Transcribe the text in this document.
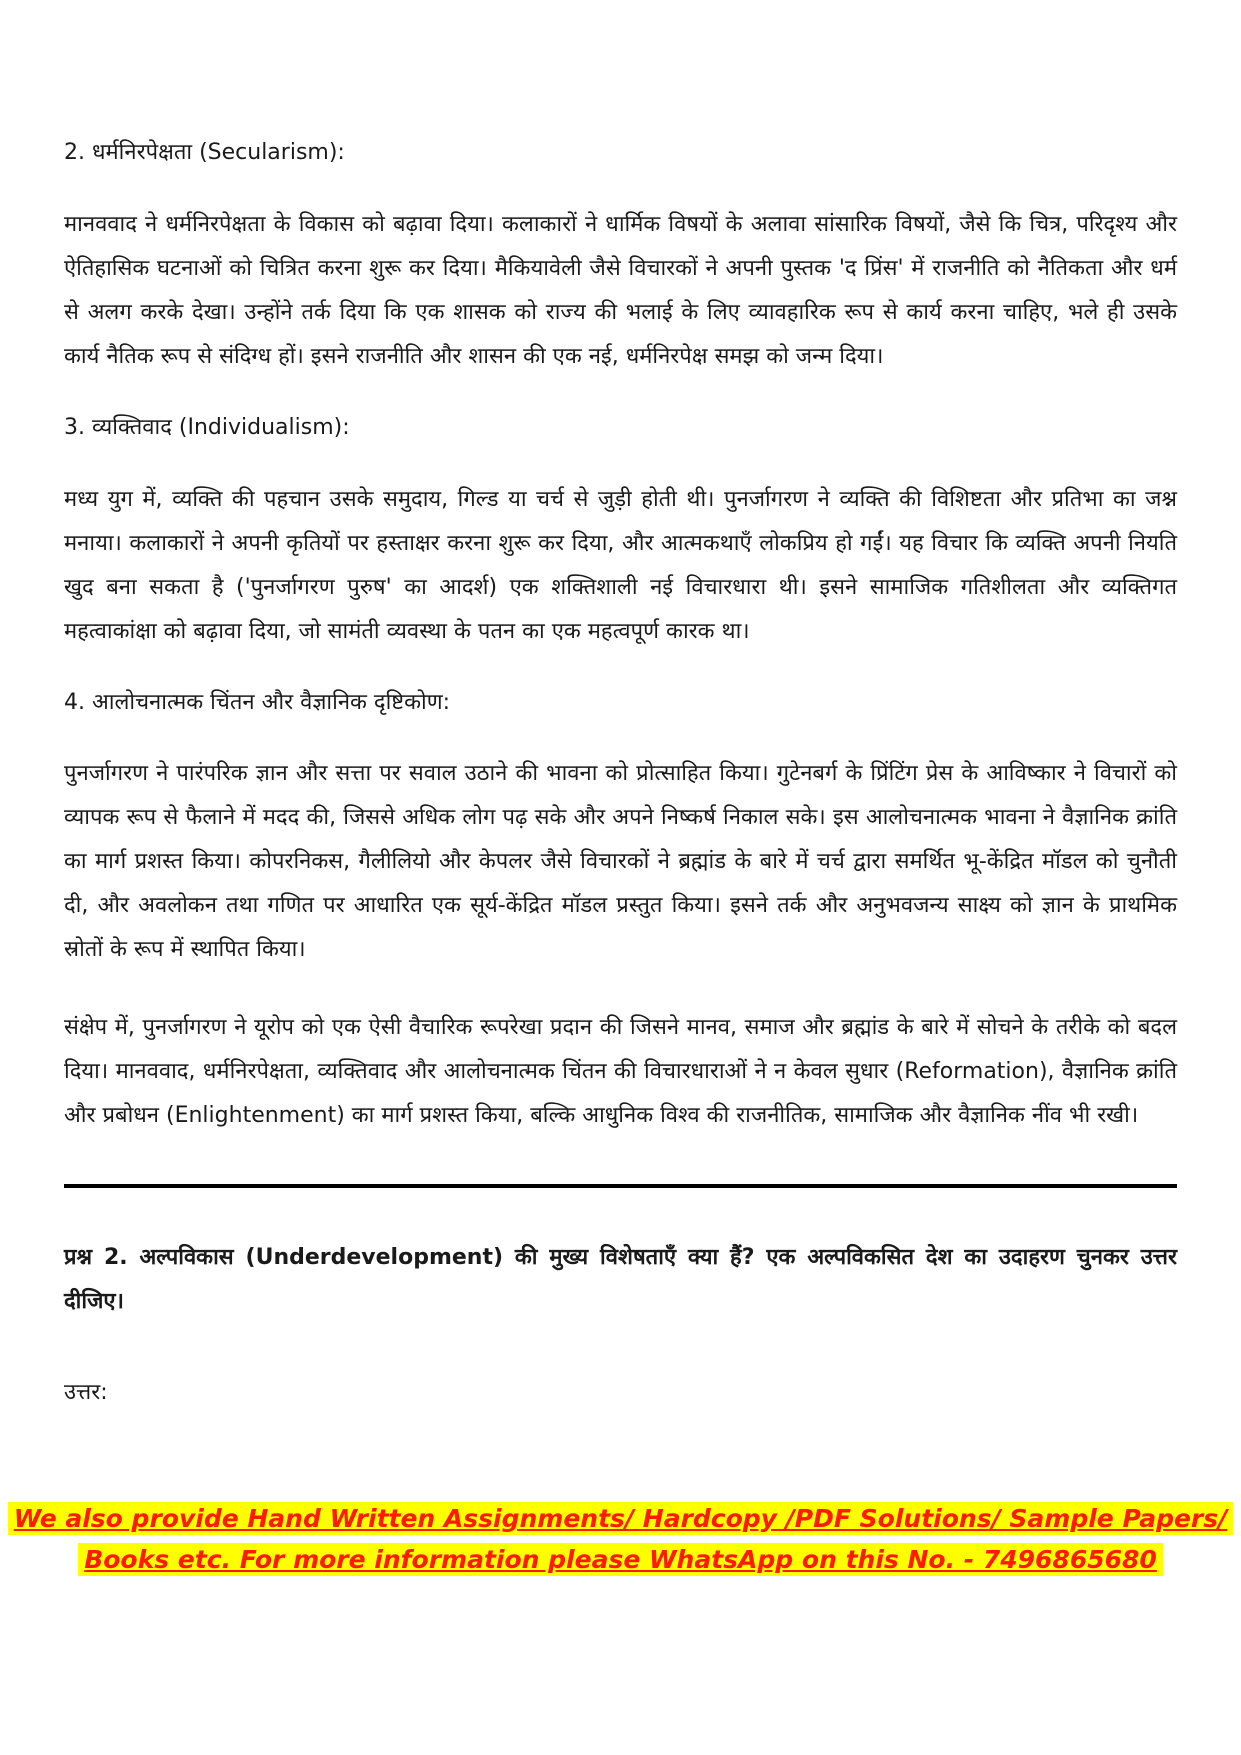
2. धर्मनिरपेक्षता (Secularism):
मानववाद ने धर्मनिरपेक्षता के विकास को बढ़ावा दिया। कलाकारों ने धार्मिक विषयों के अलावा सांसारिक विषयों, जैसे कि चित्र, परिदृश्य और ऐतिहासिक घटनाओं को चित्रित करना शुरू कर दिया। मैकियावेली जैसे विचारकों ने अपनी पुस्तक 'द प्रिंस' में राजनीति को नैतिकता और धर्म से अलग करके देखा। उन्होंने तर्क दिया कि एक शासक को राज्य की भलाई के लिए व्यावहारिक रूप से कार्य करना चाहिए, भले ही उसके कार्य नैतिक रूप से संदिग्ध हों। इसने राजनीति और शासन की एक नई, धर्मनिरपेक्ष समझ को जन्म दिया।
3. व्यक्तिवाद (Individualism):
मध्य युग में, व्यक्ति की पहचान उसके समुदाय, गिल्ड या चर्च से जुड़ी होती थी। पुनर्जागरण ने व्यक्ति की विशिष्टता और प्रतिभा का जश्न मनाया। कलाकारों ने अपनी कृतियों पर हस्ताक्षर करना शुरू कर दिया, और आत्मकथाएँ लोकप्रिय हो गईं। यह विचार कि व्यक्ति अपनी नियति खुद बना सकता है ('पुनर्जागरण पुरुष' का आदर्श) एक शक्तिशाली नई विचारधारा थी। इसने सामाजिक गतिशीलता और व्यक्तिगत महत्वाकांक्षा को बढ़ावा दिया, जो सामंती व्यवस्था के पतन का एक महत्वपूर्ण कारक था।
4. आलोचनात्मक चिंतन और वैज्ञानिक दृष्टिकोण:
पुनर्जागरण ने पारंपरिक ज्ञान और सत्ता पर सवाल उठाने की भावना को प्रोत्साहित किया। गुटेनबर्ग के प्रिंटिंग प्रेस के आविष्कार ने विचारों को व्यापक रूप से फैलाने में मदद की, जिससे अधिक लोग पढ़ सके और अपने निष्कर्ष निकाल सके। इस आलोचनात्मक भावना ने वैज्ञानिक क्रांति का मार्ग प्रशस्त किया। कोपरनिकस, गैलीलियो और केपलर जैसे विचारकों ने ब्रह्मांड के बारे में चर्च द्वारा समर्थित भू-केंद्रित मॉडल को चुनौती दी, और अवलोकन तथा गणित पर आधारित एक सूर्य-केंद्रित मॉडल प्रस्तुत किया। इसने तर्क और अनुभवजन्य साक्ष्य को ज्ञान के प्राथमिक स्रोतों के रूप में स्थापित किया।
संक्षेप में, पुनर्जागरण ने यूरोप को एक ऐसी वैचारिक रूपरेखा प्रदान की जिसने मानव, समाज और ब्रह्मांड के बारे में सोचने के तरीके को बदल दिया। मानववाद, धर्मनिरपेक्षता, व्यक्तिवाद और आलोचनात्मक चिंतन की विचारधाराओं ने न केवल सुधार (Reformation), वैज्ञानिक क्रांति और प्रबोधन (Enlightenment) का मार्ग प्रशस्त किया, बल्कि आधुनिक विश्व की राजनीतिक, सामाजिक और वैज्ञानिक नींव भी रखी।
प्रश्न 2. अल्पविकास (Underdevelopment) की मुख्य विशेषताएँ क्या हैं? एक अल्पविकसित देश का उदाहरण चुनकर उत्तर दीजिए।
उत्तर:
We also provide Hand Written Assignments/ Hardcopy /PDF Solutions/ Sample Papers/
Books etc. For more information please WhatsApp on this No. - 7496865680
